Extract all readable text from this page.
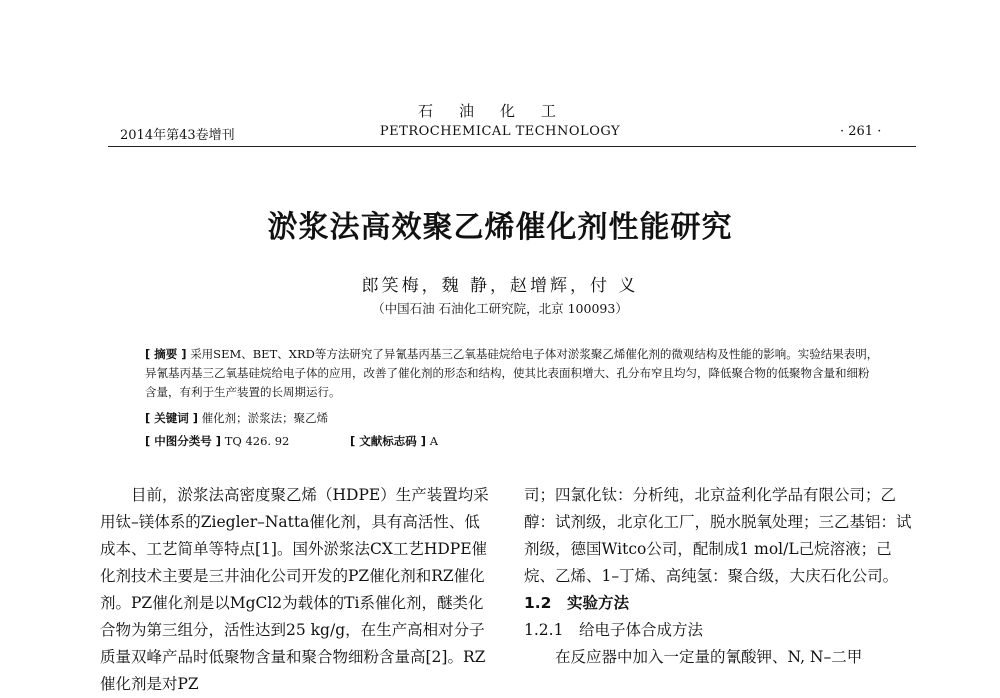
石油化工
2014年第43卷增刊	PETROCHEMICAL TECHNOLOGY	· 261 ·
淤浆法高效聚乙烯催化剂性能研究
郎笑梅，魏 静，赵增辉，付 义
（中国石油 石油化工研究院，北京 100093）

[ 摘要 ] 采用SEM、BET、XRD等方法研究了异氰基丙基三乙氧基硅烷给电子体对淤浆聚乙烯催化剂的微观结构及性能的影响。实验结果表明，异氰基丙基三乙氧基硅烷给电子体的应用，改善了催化剂的形态和结构，使其比表面积增大、孔分布窄且均匀，降低聚合物的低聚物含量和细粉含量，有利于生产装置的长周期运行。

[ 关键词 ] 催化剂；淤浆法；聚乙烯
[ 中图分类号 ] TQ 426. 92	[ 文献标志码 ] A

目前，淤浆法高密度聚乙烯（HDPE）生产装置均采用钛–镁体系的Ziegler–Natta催化剂，具有高活性、低成本、工艺简单等特点[1]。国外淤浆法CX工艺HDPE催化剂技术主要是三井油化公司开发的PZ催化剂和RZ催化剂。PZ催化剂是以MgCl2为载体的Ti系催化剂，醚类化合物为第三组分，活性达到25 kg/g，在生产高相对分子质量双峰产品时低聚物含量和聚合物细粉含量高[2]。RZ催化剂是对PZ

司；四氯化钛：分析纯，北京益利化学品有限公司；乙醇：试剂级，北京化工厂，脱水脱氧处理；三乙基铝：试剂级，德国Witco公司，配制成1 mol/L己烷溶液；己烷、乙烯、1–丁烯、高纯氢：聚合级，大庆石化公司。

1.2　实验方法

1.2.1　给电子体合成方法

在反应器中加入一定量的氰酸钾、N, N–二甲
